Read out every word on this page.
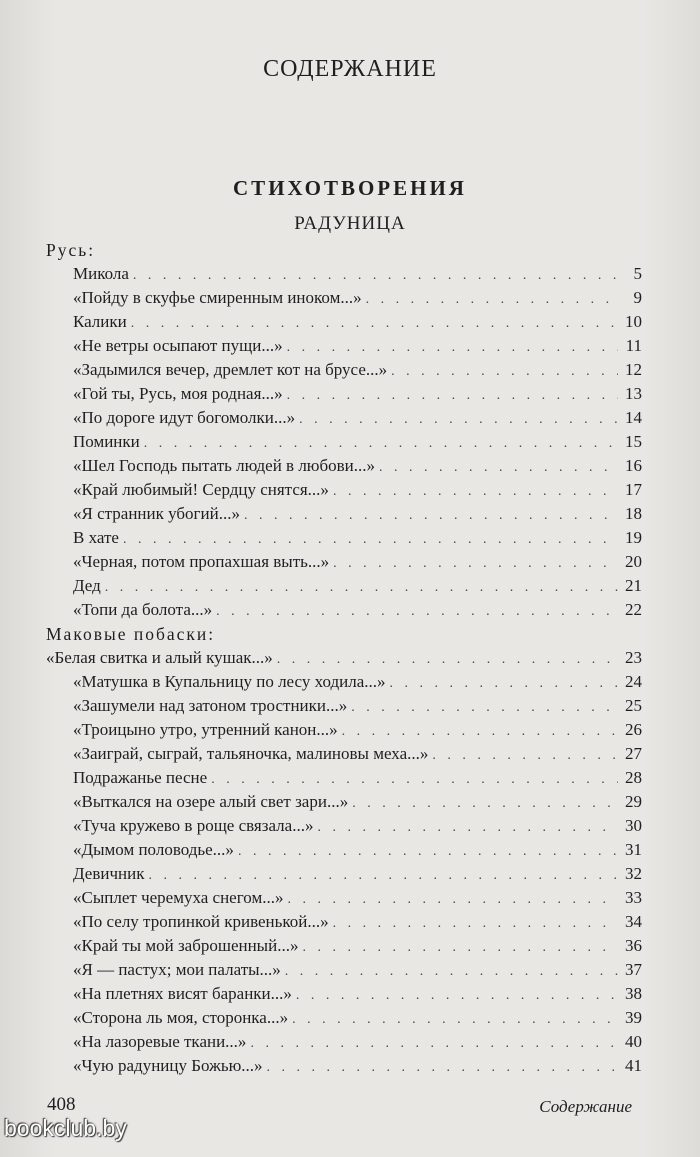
СОДЕРЖАНИЕ
СТИХОТВОРЕНИЯ
РАДУНИЦА
Русь:
Микола . . .	5
«Пойду в скуфье смиренным иноком...» . . .	9
Калики . . .	10
«Не ветры осыпают пущи...» . . .	11
«Задымился вечер, дремлет кот на брусе...» . . .	12
«Гой ты, Русь, моя родная...» . . .	13
«По дороге идут богомолки...» . . .	14
Поминки . . .	15
«Шел Господь пытать людей в любови...» . . .	16
«Край любимый! Сердцу снятся...» . . .	17
«Я странник убогий...» . . .	18
В хате . . .	19
«Черная, потом пропахшая выть...» . . .	20
Дед . . .	21
«Топи да болота...» . . .	22
Маковые побаски:
«Белая свитка и алый кушак...» . . .	23
«Матушка в Купальницу по лесу ходила...» . . .	24
«Зашумели над затоном тростники...» . . .	25
«Троицыно утро, утренний канон...» . . .	26
«Заиграй, сыграй, тальяночка, малиновы меха...» . . .	27
Подражанье песне . . .	28
«Выткался на озере алый свет зари...» . . .	29
«Туча кружево в роще связала...» . . .	30
«Дымом половодье...» . . .	31
Девичник . . .	32
«Сыплет черемуха снегом...» . . .	33
«По селу тропинкой кривенькой...» . . .	34
«Край ты мой заброшенный...» . . .	36
«Я — пастух; мои палаты...» . . .	37
«На плетнях висят баранки...» . . .	38
«Сторона ль моя, сторонка...» . . .	39
«На лазоревые ткани...» . . .	40
«Чую радуницу Божью...» . . .	41
408	Содержание
bookclub.by
